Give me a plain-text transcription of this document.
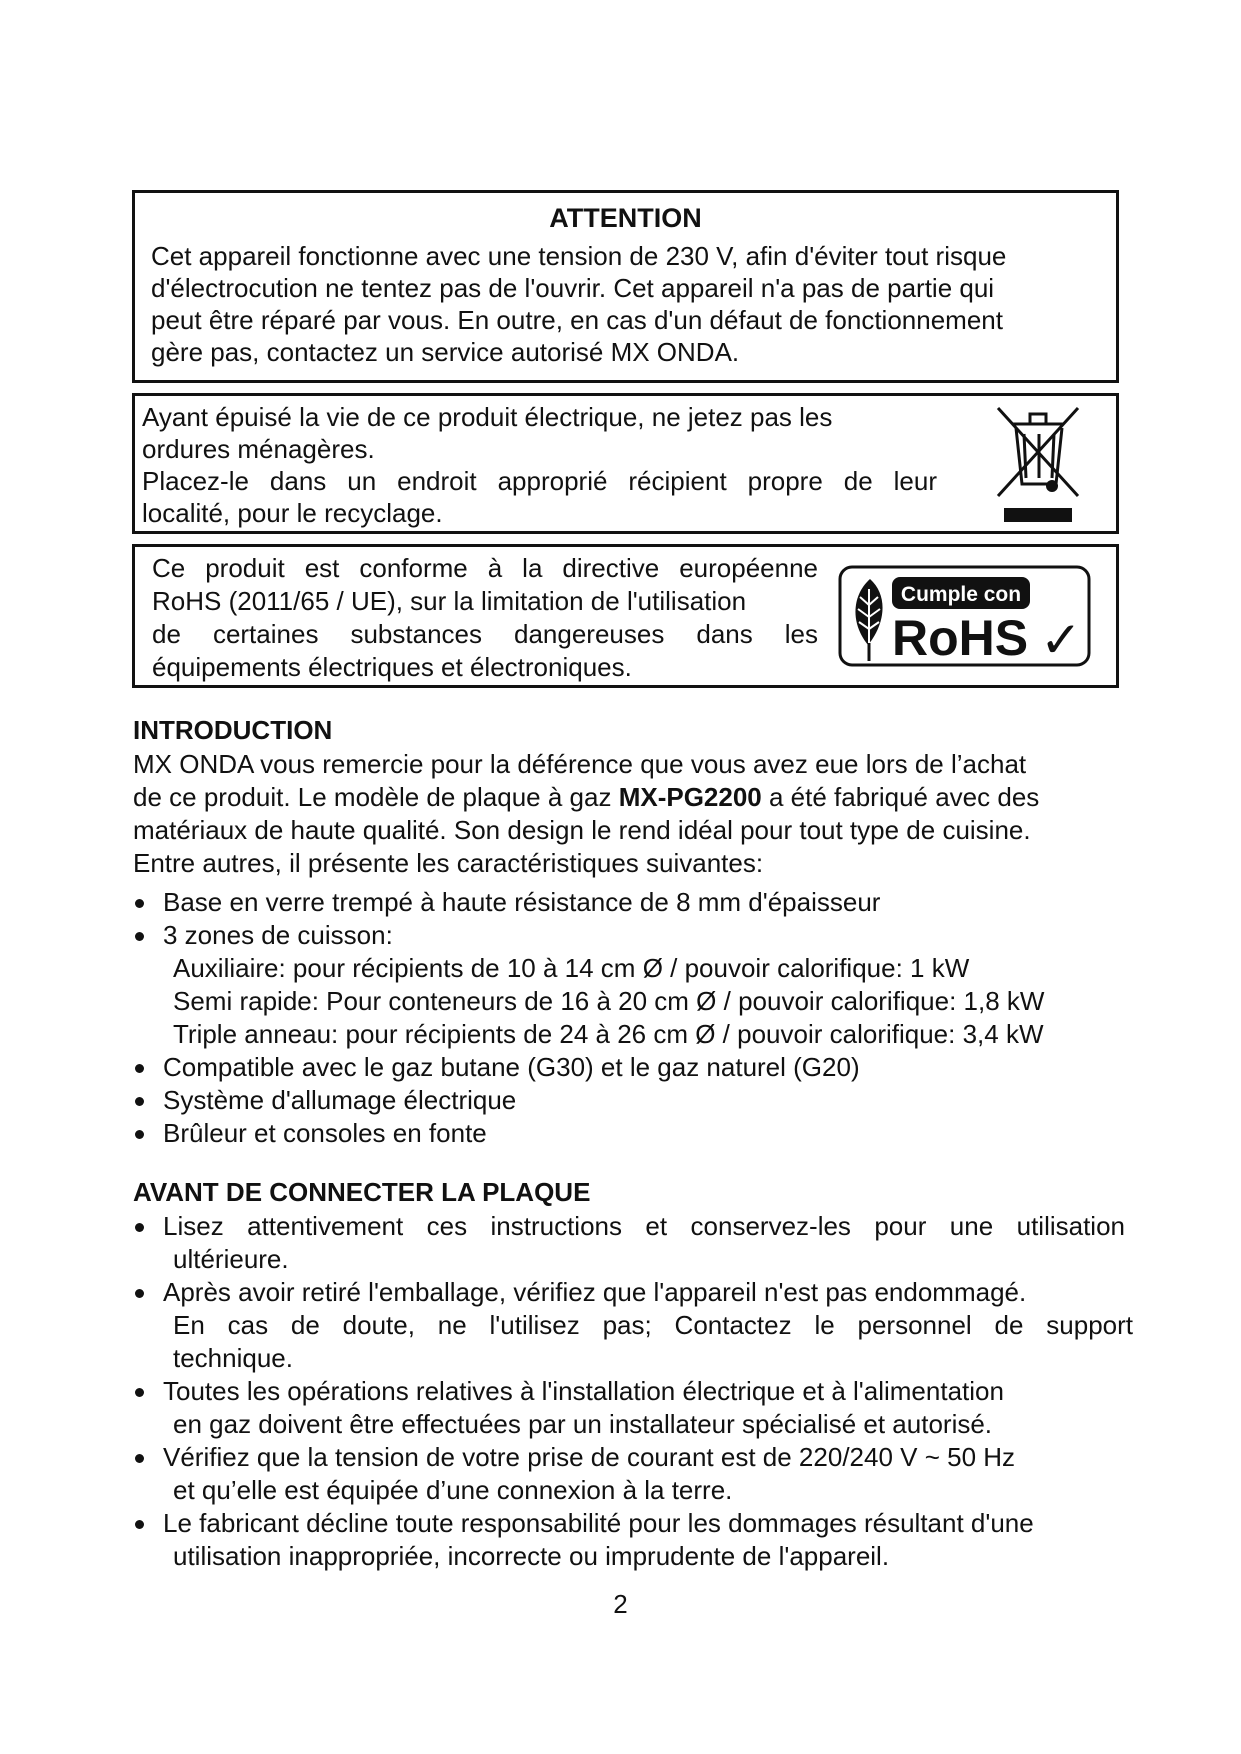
ATTENTION
Cet appareil fonctionne avec une tension de 230 V, afin d'éviter tout risque
d'électrocution ne tentez pas de l'ouvrir. Cet appareil n'a pas de partie qui
peut être réparé par vous. En outre, en cas d'un défaut de fonctionnement
gère pas, contactez un service autorisé MX ONDA.
Ayant épuisé la vie de ce produit électrique, ne jetez pas les
ordures ménagères.
Placez-le dans un endroit approprié récipient propre de leur
localité, pour le recyclage.
Ce produit est conforme à la directive européenne
RoHS (2011/65 / UE), sur la limitation de l'utilisation
de certaines substances dangereuses dans les
équipements électriques et électroniques.
Cumple con
RoHS ✓
INTRODUCTION
MX ONDA vous remercie pour la déférence que vous avez eue lors de l’achat
de ce produit. Le modèle de plaque à gaz MX-PG2200 a été fabriqué avec des
matériaux de haute qualité. Son design le rend idéal pour tout type de cuisine.
Entre autres, il présente les caractéristiques suivantes:
Base en verre trempé à haute résistance de 8 mm d'épaisseur
3 zones de cuisson:
Auxiliaire: pour récipients de 10 à 14 cm Ø / pouvoir calorifique: 1 kW
Semi rapide: Pour conteneurs de 16 à 20 cm Ø / pouvoir calorifique: 1,8 kW
Triple anneau: pour récipients de 24 à 26 cm Ø / pouvoir calorifique: 3,4 kW
Compatible avec le gaz butane (G30) et le gaz naturel (G20)
Système d'allumage électrique
Brûleur et consoles en fonte
AVANT DE CONNECTER LA PLAQUE
Lisez attentivement ces instructions et conservez-les pour une utilisation
ultérieure.
Après avoir retiré l'emballage, vérifiez que l'appareil n'est pas endommagé.
En cas de doute, ne l'utilisez pas; Contactez le personnel de support
technique.
Toutes les opérations relatives à l'installation électrique et à l'alimentation
en gaz doivent être effectuées par un installateur spécialisé et autorisé.
Vérifiez que la tension de votre prise de courant est de 220/240 V ~ 50 Hz
et qu’elle est équipée d’une connexion à la terre.
Le fabricant décline toute responsabilité pour les dommages résultant d'une
utilisation inappropriée, incorrecte ou imprudente de l'appareil.
2
